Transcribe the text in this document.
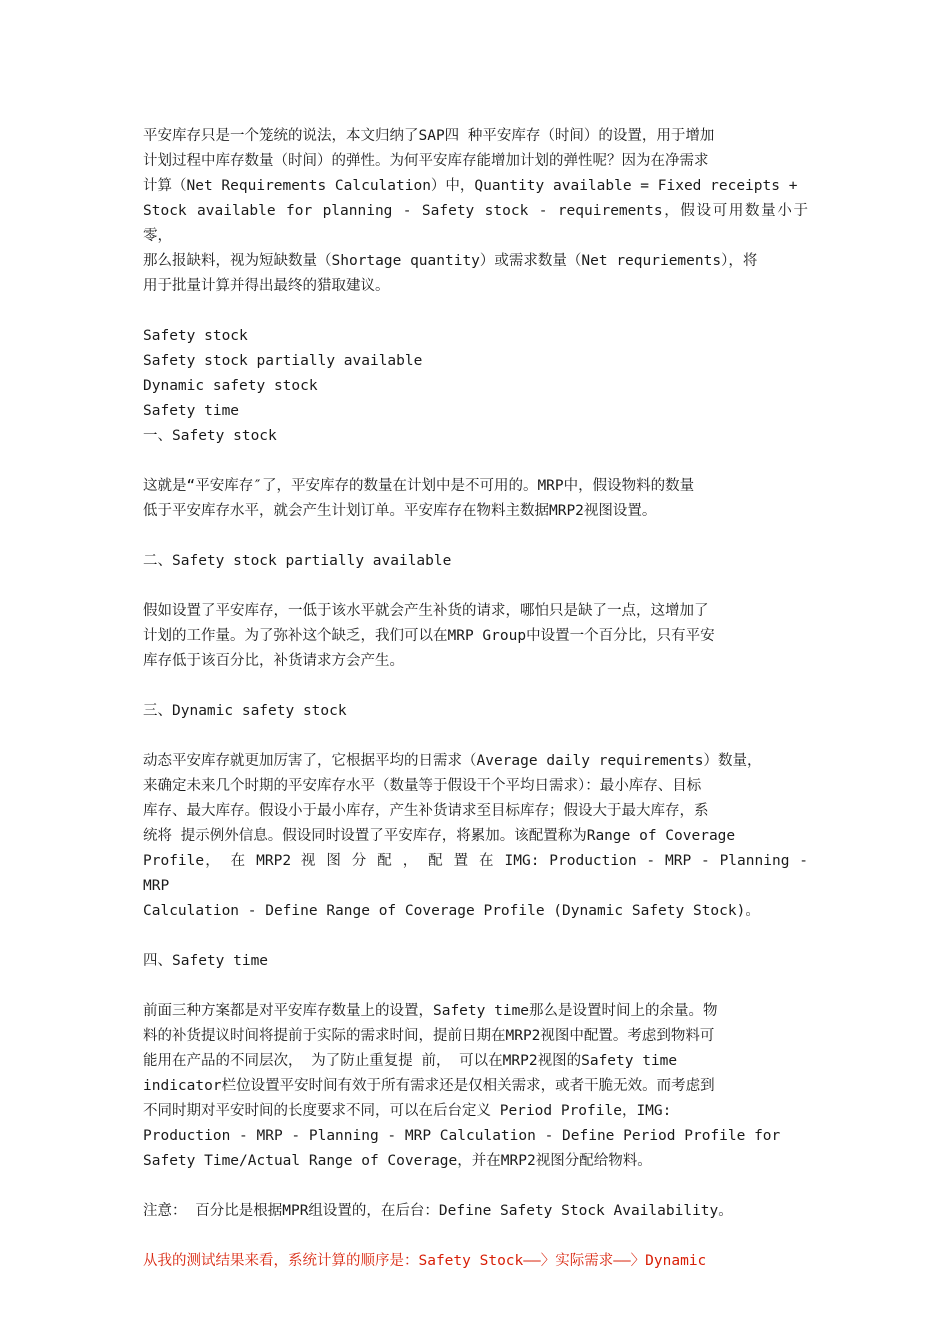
平安库存只是一个笼统的说法，本文归纳了SAP四 种平安库存（时间）的设置，用于增加

计划过程中库存数量（时间）的弹性。为何平安库存能增加计划的弹性呢？因为在净需求

计算（Net Requirements Calculation）中，Quantity available = Fixed receipts +

Stock available for planning - Safety stock - requirements，假设可用数量小于零，

那么报缺料，视为短缺数量（Shortage quantity）或需求数量（Net requriements），将

用于批量计算并得出最终的猎取建议。

Safety stock

Safety stock partially available

Dynamic safety stock

Safety time

一、Safety stock

这就是“平安库存″了，平安库存的数量在计划中是不可用的。MRP中，假设物料的数量

低于平安库存水平，就会产生计划订单。平安库存在物料主数据MRP2视图设置。

二、Safety stock partially available

假如设置了平安库存，一低于该水平就会产生补货的请求，哪怕只是缺了一点，这增加了

计划的工作量。为了弥补这个缺乏，我们可以在MRP Group中设置一个百分比，只有平安

库存低于该百分比，补货请求方会产生。

三、Dynamic safety stock

动态平安库存就更加厉害了，它根据平均的日需求（Average daily requirements）数量，

来确定未来几个时期的平安库存水平（数量等于假设干个平均日需求）：最小库存、目标

库存、最大库存。假设小于最小库存，产生补货请求至目标库存；假设大于最大库存，系

统将 提示例外信息。假设同时设置了平安库存，将累加。该配置称为Range of Coverage

Profile， 在 MRP2 视 图 分 配 ， 配 置 在 IMG: Production - MRP - Planning - MRP

Calculation - Define Range of Coverage Profile (Dynamic Safety Stock)。

四、Safety time

前面三种方案都是对平安库存数量上的设置，Safety time那么是设置时间上的余量。物

料的补货提议时间将提前于实际的需求时间，提前日期在MRP2视图中配置。考虑到物料可

能用在产品的不同层次， 为了防止重复提 前， 可以在MRP2视图的Safety time

indicator栏位设置平安时间有效于所有需求还是仅相关需求，或者干脆无效。而考虑到

不同时期对平安时间的长度要求不同，可以在后台定义 Period Profile，IMG:

Production - MRP - Planning - MRP Calculation - Define Period Profile for

Safety Time/Actual Range of Coverage，并在MRP2视图分配给物料。

注意： 百分比是根据MPR组设置的，在后台：Define Safety Stock Availability。

从我的测试结果来看，系统计算的顺序是：Safety Stock——〉实际需求——〉Dynamic
